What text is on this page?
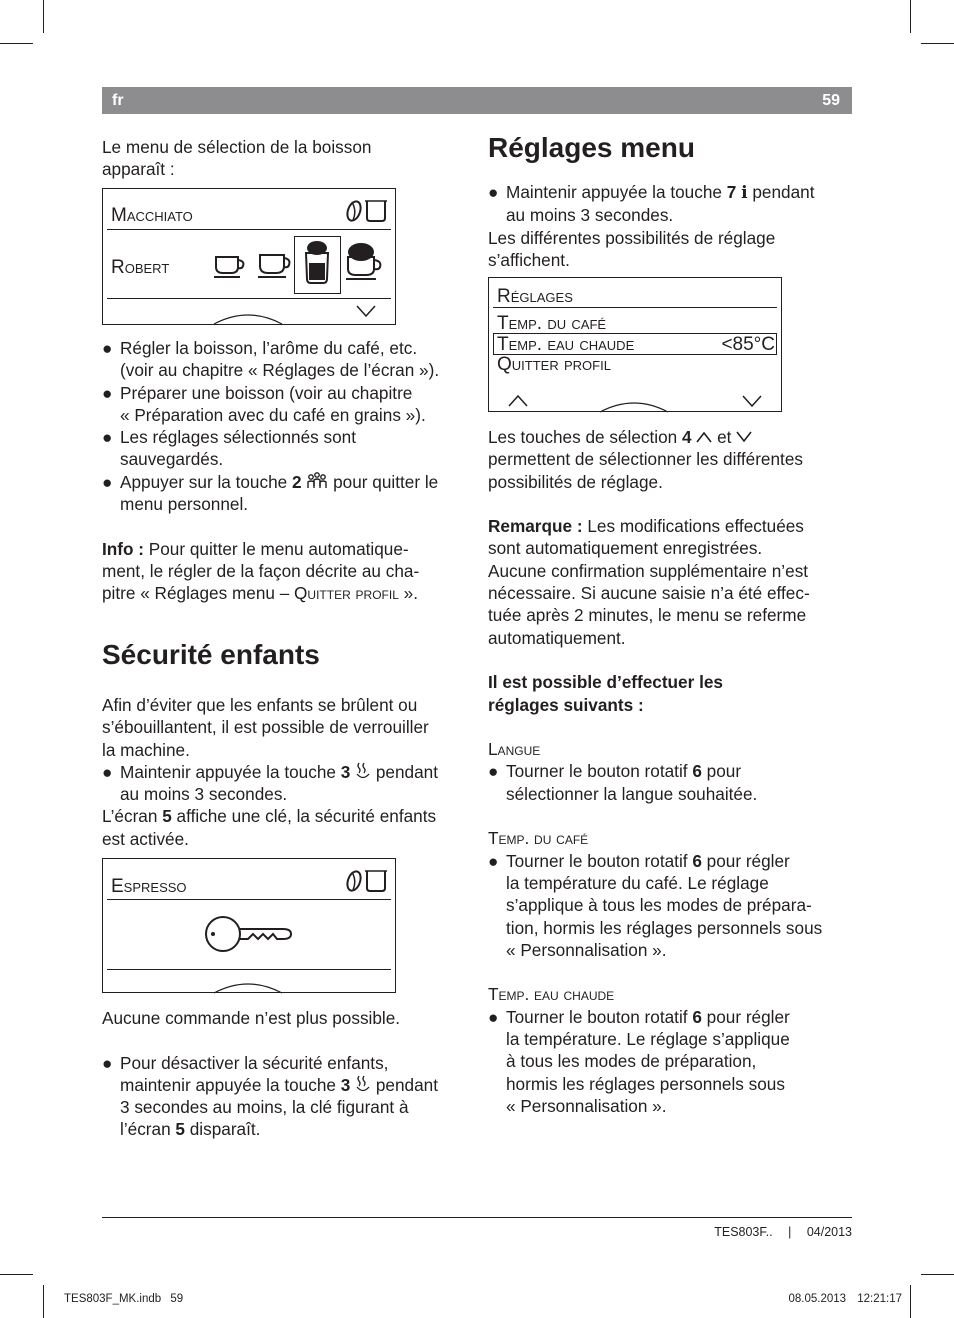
fr	59

Le menu de sélection de la boisson

apparaît :

Macchiato
Robert
● Régler la boisson, l’arôme du café, etc.

(voir au chapitre « Réglages de l’écran »).

● Préparer une boisson (voir au chapitre

« Préparation avec du café en grains »).

● Les réglages sélectionnés sont

sauvegardés.

● Appuyer sur la touche 2  pour quitter le

menu personnel.

Info : Pour quitter le menu automatique-

ment, le régler de la façon décrite au cha-

pitre « Réglages menu – Quitter profil ».

Sécurité enfants

Afin d’éviter que les enfants se brûlent ou

s’ébouillantent, il est possible de verrouiller

la machine.

● Maintenir appuyée la touche 3  pendant

au moins 3 secondes.

L’écran 5 affiche une clé, la sécurité enfants

est activée.

Espresso

Aucune commande n’est plus possible.

● Pour désactiver la sécurité enfants,

maintenir appuyée la touche 3  pendant

3 secondes au moins, la clé figurant à

l’écran 5 disparaît.

Réglages menu
● Maintenir appuyée la touche 7 i pendant

au moins 3 secondes.

Les différentes possibilités de réglage

s’affichent.

Réglages
Temp. du café
Temp. eau chaude	<85°C
Quitter profil

Les touches de sélection 4  et

permettent de sélectionner les différentes

possibilités de réglage.

Remarque : Les modifications effectuées

sont automatiquement enregistrées.

Aucune confirmation supplémentaire n’est

nécessaire. Si aucune saisie n’a été effec-

tuée après 2 minutes, le menu se referme

automatiquement.

Il est possible d’effectuer les

réglages suivants :

Langue

● Tourner le bouton rotatif 6 pour

sélectionner la langue souhaitée.

Temp. du café

● Tourner le bouton rotatif 6 pour régler

la température du café. Le réglage

s’applique à tous les modes de prépara-

tion, hormis les réglages personnels sous

« Personnalisation ».

Temp. eau chaude

● Tourner le bouton rotatif 6 pour régler

la température. Le réglage s’applique

à tous les modes de préparation,

hormis les réglages personnels sous

« Personnalisation ».

TES803F.. | 04/2013
TES803F_MK.indb 59	08.05.2013 12:21:17
